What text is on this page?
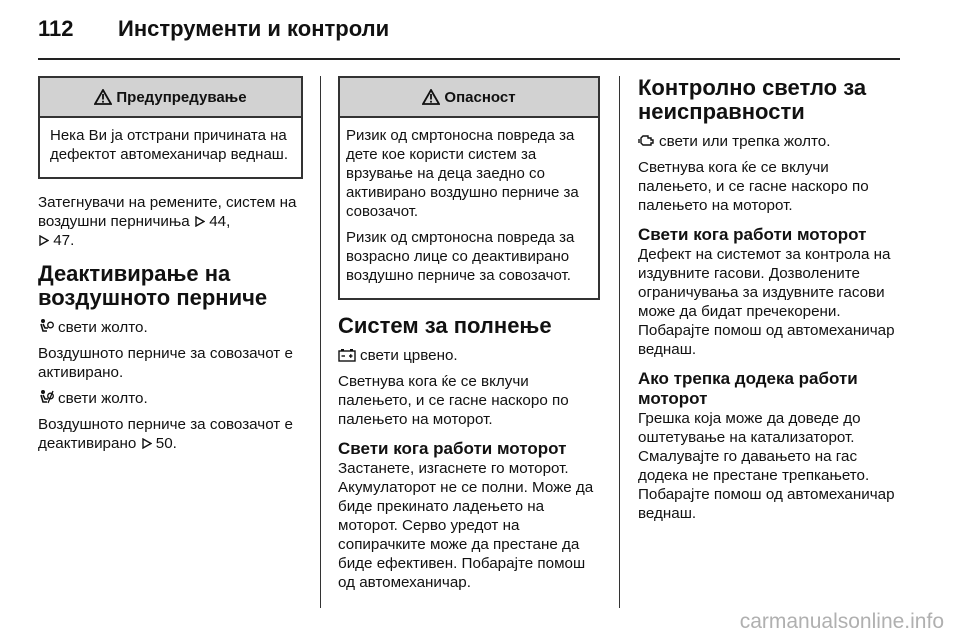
112 Инструменти и контроли
Предупредување

Нека Ви ја отстрани причината на дефектот автомеханичар веднаш.

Затегнувачи на ремените, систем на воздушни перничиња 44,
47.

Деактивирање на воздушното перниче

свети жолто.

Воздушното перниче за совозачот е активирано.

свети жолто.

Воздушното перниче за совозачот е деактивирано 50.

Опасност

Ризик од смртоносна повреда за дете кое користи систем за врзување на деца заедно со активирано воздушно перниче за совозачот.

Ризик од смртоносна повреда за возрасно лице со деактивирано воздушно перниче за совозачот.

Систем за полнење

свети црвено.

Светнува кога ќе се вклучи палењето, и се гасне наскоро по палењето на моторот.

Свети кога работи моторот

Застанете, изгаснете го моторот. Акумулаторот не се полни. Може да биде прекинато ладењето на моторот. Серво уредот на сопирачките може да престане да биде ефективен. Побарајте помош од автомеханичар.

Контролно светло за неисправности

свети или трепка жолто.

Светнува кога ќе се вклучи палењето, и се гасне наскоро по палењето на моторот.

Свети кога работи моторот

Дефект на системот за контрола на издувните гасови. Дозволените ограничувања за издувните гасови може да бидат пречекорени. Побарајте помош од автомеханичар веднаш.

Ако трепка додека работи моторот

Грешка која може да доведе до оштетување на катализаторот. Смалувајте го давањето на гас додека не престане трепкањето. Побарајте помош од автомеханичар веднаш.

carmanualsonline.info
